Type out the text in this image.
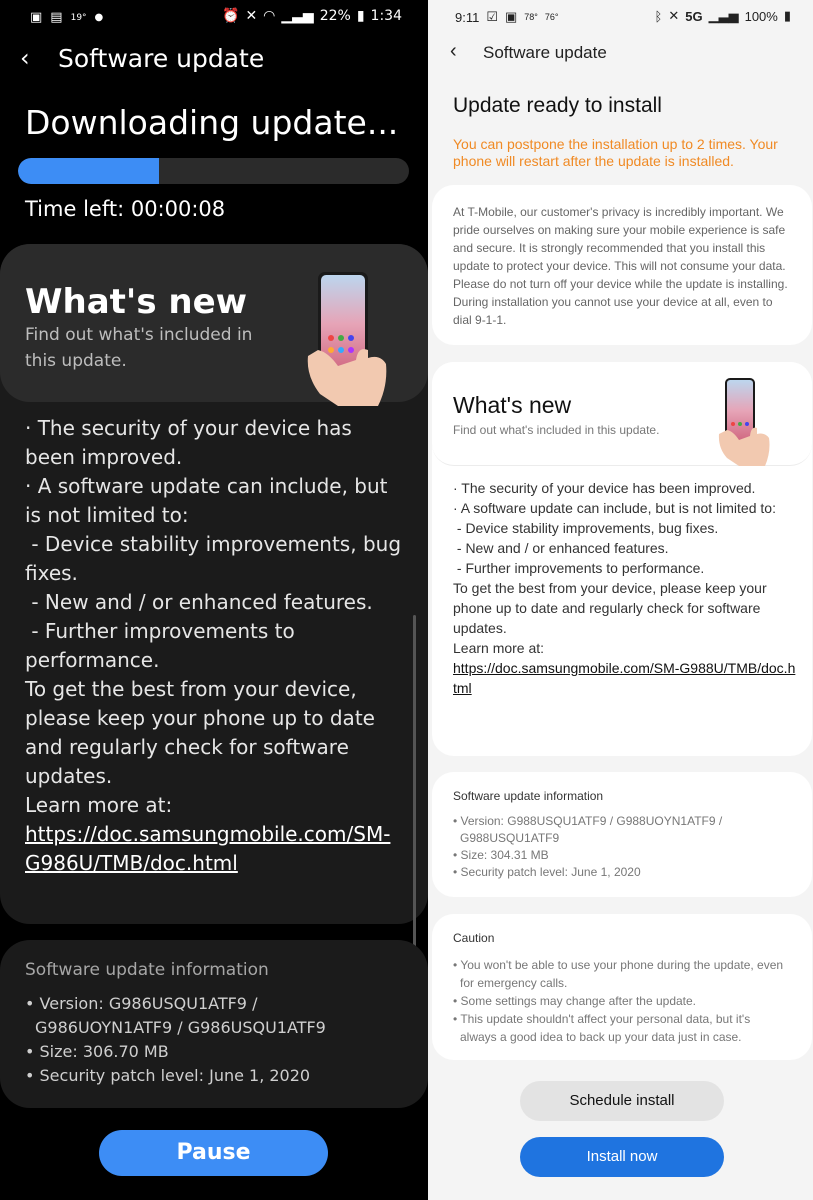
▣ ▤ 19° ●	⏰ ✕ ◠ ▁▃▅ 22% ▮ 1:34
‹ Software update
Downloading update...
Time left: 00:00:08
What's new
Find out what's included in this update.

· The security of your device has been improved.

· A software update can include, but is not limited to:

- Device stability improvements, bug fixes.

- New and / or enhanced features.

- Further improvements to performance.

To get the best from your device, please keep your phone up to date and regularly check for software updates.

Learn more at:

https://doc.samsungmobile.com/SM-G986U/TMB/doc.html

Software update information
• Version: G986USQU1ATF9 /
G986UOYN1ATF9 / G986USQU1ATF9
• Size: 306.70 MB
• Security patch level: June 1, 2020
Pause
9:11 ☑ ▣ 78° 76°	ᛒ ✕ 5G ▁▃▅ 100% ▮
‹ Software update
Update ready to install
You can postpone the installation up to 2 times. Your phone will restart after the update is installed.
At T-Mobile, our customer's privacy is incredibly important. We pride ourselves on making sure your mobile experience is safe and secure. It is strongly recommended that you install this update to protect your device. This will not consume your data. Please do not turn off your device while the update is installing. During installation you cannot use your device at all, even to dial 9-1-1.
What's new
Find out what's included in this update.

· The security of your device has been improved.

· A software update can include, but is not limited to:

- Device stability improvements, bug fixes.

- New and / or enhanced features.

- Further improvements to performance.

To get the best from your device, please keep your phone up to date and regularly check for software updates.

Learn more at:

https://doc.samsungmobile.com/SM-G988U/TMB/doc.html

Software update information
• Version: G988USQU1ATF9 / G988UOYN1ATF9 /
G988USQU1ATF9
• Size: 304.31 MB
• Security patch level: June 1, 2020
Caution
• You won't be able to use your phone during the update, even
for emergency calls.
• Some settings may change after the update.
• This update shouldn't affect your personal data, but it's
always a good idea to back up your data just in case.
Schedule install
Install now
